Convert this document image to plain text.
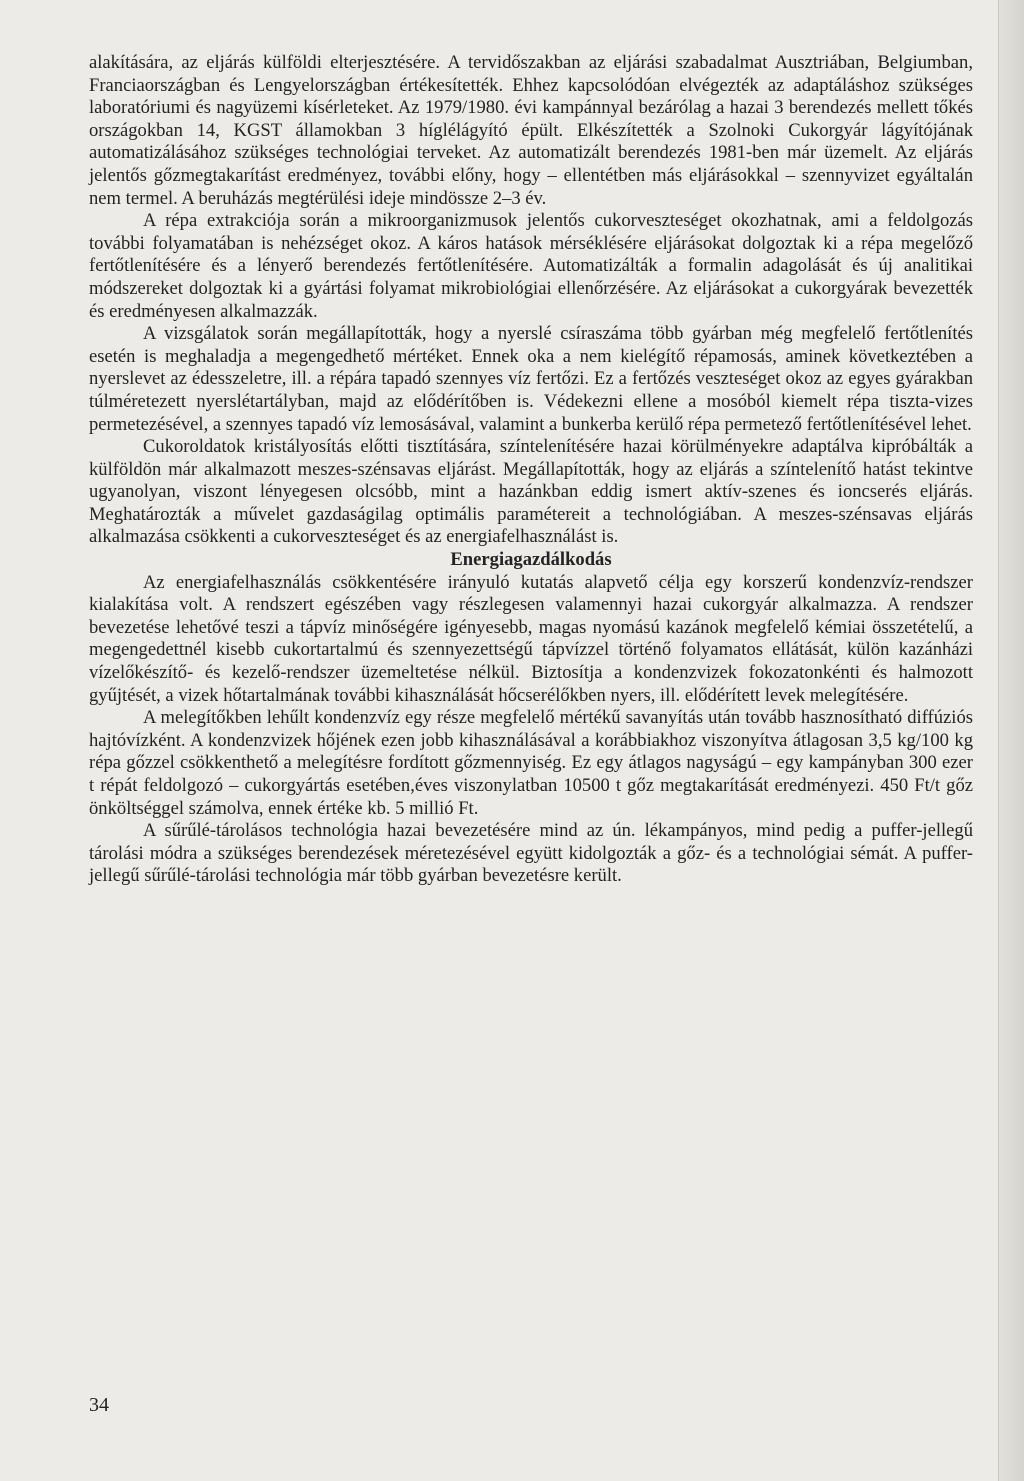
alakítására, az eljárás külföldi elterjesztésére. A tervidőszakban az eljárási szabadalmat Ausztriában, Belgiumban, Franciaországban és Lengyelországban értékesítették. Ehhez kapcsolódóan elvégezték az adaptáláshoz szükséges laboratóriumi és nagyüzemi kísérleteket. Az 1979/1980. évi kampánnyal bezárólag a hazai 3 berendezés mellett tőkés országokban 14, KGST államokban 3 híglélágyító épült. Elkészítették a Szolnoki Cukorgyár lágyítójának automatizálásához szükséges technológiai terveket. Az automatizált berendezés 1981-ben már üzemelt. Az eljárás jelentős gőzmegtakarítást eredményez, további előny, hogy – ellentétben más eljárásokkal – szennyvizet egyáltalán nem termel. A beruházás megtérülési ideje mindössze 2–3 év.

A répa extrakciója során a mikroorganizmusok jelentős cukorveszteséget okozhatnak, ami a feldolgozás további folyamatában is nehézséget okoz. A káros hatások mérséklésére eljárásokat dolgoztak ki a répa megelőző fertőtlenítésére és a lényerő berendezés fertőtlenítésére. Automatizálták a formalin adagolását és új analitikai módszereket dolgoztak ki a gyártási folyamat mikrobiológiai ellenőrzésére. Az eljárásokat a cukorgyárak bevezették és eredményesen alkalmazzák.

A vizsgálatok során megállapították, hogy a nyerslé csíraszáma több gyárban még megfelelő fertőtlenítés esetén is meghaladja a megengedhető mértéket. Ennek oka a nem kielégítő répamosás, aminek következtében a nyerslevet az édesszeletre, ill. a répára tapadó szennyes víz fertőzi. Ez a fertőzés veszteséget okoz az egyes gyárakban túlméretezett nyerslétartályban, majd az elődérítőben is. Védekezni ellene a mosóból kiemelt répa tiszta-vizes permetezésével, a szennyes tapadó víz lemosásával, valamint a bunkerba kerülő répa permetező fertőtlenítésével lehet.

Cukoroldatok kristályosítás előtti tisztítására, színtelenítésére hazai körülményekre adaptálva kipróbálták a külföldön már alkalmazott meszes-szénsavas eljárást. Megállapították, hogy az eljárás a színtelenítő hatást tekintve ugyanolyan, viszont lényegesen olcsóbb, mint a hazánkban eddig ismert aktív-szenes és ioncserés eljárás. Meghatározták a művelet gazdaságilag optimális paramétereit a technológiában. A meszes-szénsavas eljárás alkalmazása csökkenti a cukorveszteséget és az energiafelhasználást is.

Energiagazdálkodás

Az energiafelhasználás csökkentésére irányuló kutatás alapvető célja egy korszerű kondenzvíz-rendszer kialakítása volt. A rendszert egészében vagy részlegesen valamennyi hazai cukorgyár alkalmazza. A rendszer bevezetése lehetővé teszi a tápvíz minőségére igényesebb, magas nyomású kazánok megfelelő kémiai összetételű, a megengedettnél kisebb cukortartalmú és szennyezettségű tápvízzel történő folyamatos ellátását, külön kazánházi vízelőkészítő- és kezelő-rendszer üzemeltetése nélkül. Biztosítja a kondenzvizek fokozatonkénti és halmozott gyűjtését, a vizek hőtartalmának további kihasználását hőcserélőkben nyers, ill. elődérített levek melegítésére.

A melegítőkben lehűlt kondenzvíz egy része megfelelő mértékű savanyítás után tovább hasznosítható diffúziós hajtóvízként. A kondenzvizek hőjének ezen jobb kihasználásával a korábbiakhoz viszonyítva átlagosan 3,5 kg/100 kg répa gőzzel csökkenthető a melegítésre fordított gőzmennyiség. Ez egy átlagos nagyságú – egy kampányban 300 ezer t répát feldolgozó – cukorgyártás esetében,éves viszonylatban 10500 t gőz megtakarítását eredményezi. 450 Ft/t gőz önköltséggel számolva, ennek értéke kb. 5 millió Ft.

A sűrűlé-tárolásos technológia hazai bevezetésére mind az ún. lékampányos, mind pedig a puffer-jellegű tárolási módra a szükséges berendezések méretezésével együtt kidolgozták a gőz- és a technológiai sémát. A puffer-jellegű sűrűlé-tárolási technológia már több gyárban bevezetésre került.

34
